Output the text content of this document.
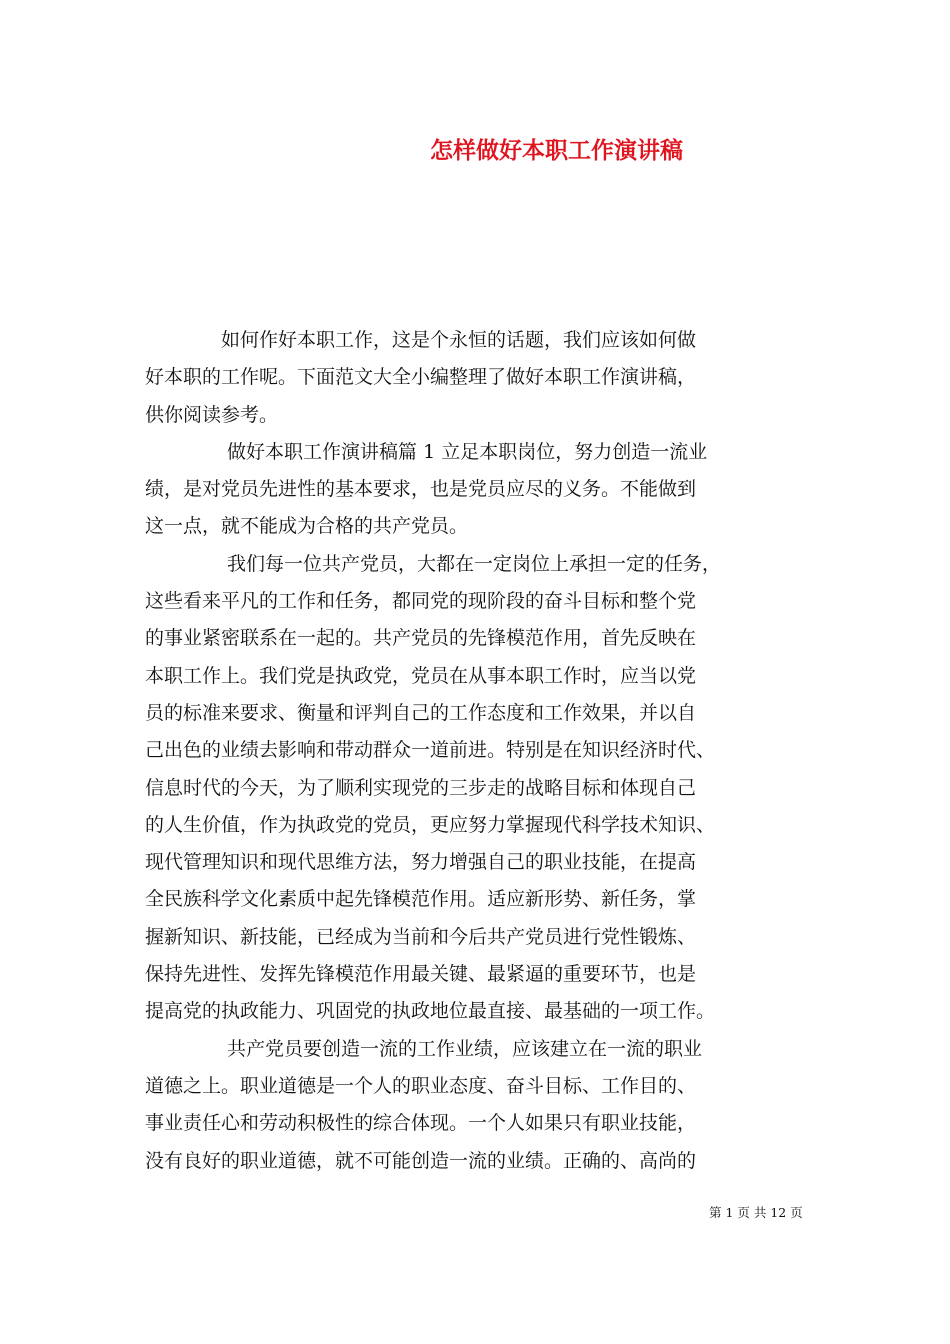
怎样做好本职工作演讲稿
　　　　如何作好本职工作，这是个永恒的话题，我们应该如何做
好本职的工作呢。下面范文大全小编整理了做好本职工作演讲稿，
供你阅读参考。
　　　　 做好本职工作演讲稿篇 1 立足本职岗位，努力创造一流业
绩，是对党员先进性的基本要求，也是党员应尽的义务。不能做到
这一点，就不能成为合格的共产党员。
　　　　 我们每一位共产党员，大都在一定岗位上承担一定的任务，
这些看来平凡的工作和任务，都同党的现阶段的奋斗目标和整个党
的事业紧密联系在一起的。共产党员的先锋模范作用，首先反映在
本职工作上。我们党是执政党，党员在从事本职工作时，应当以党
员的标准来要求、衡量和评判自己的工作态度和工作效果，并以自
己出色的业绩去影响和带动群众一道前进。特别是在知识经济时代、
信息时代的今天，为了顺利实现党的三步走的战略目标和体现自己
的人生价值，作为执政党的党员，更应努力掌握现代科学技术知识、
现代管理知识和现代思维方法，努力增强自己的职业技能，在提高
全民族科学文化素质中起先锋模范作用。适应新形势、新任务，掌
握新知识、新技能，已经成为当前和今后共产党员进行党性锻炼、
保持先进性、发挥先锋模范作用最关键、最紧逼的重要环节，也是
提高党的执政能力、巩固党的执政地位最直接、最基础的一项工作。
　　　　 共产党员要创造一流的工作业绩，应该建立在一流的职业
道德之上。职业道德是一个人的职业态度、奋斗目标、工作目的、
事业责任心和劳动积极性的综合体现。一个人如果只有职业技能，
没有良好的职业道德，就不可能创造一流的业绩。正确的、高尚的
第 1 页 共 12 页
